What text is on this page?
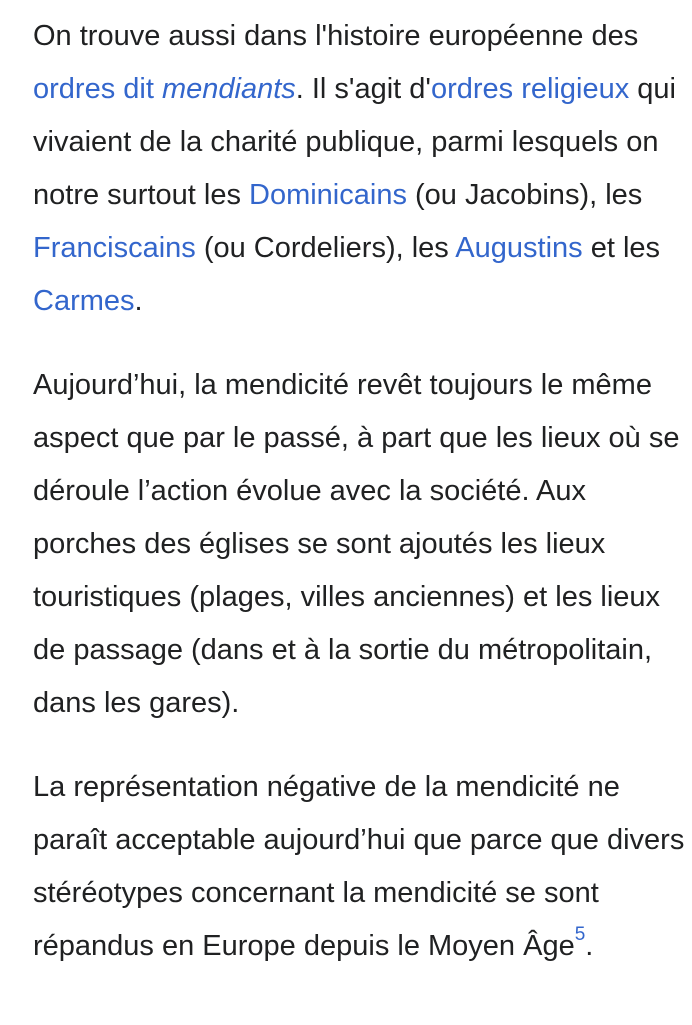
On trouve aussi dans l'histoire européenne des ordres dit mendiants. Il s'agit d'ordres religieux qui vivaient de la charité publique, parmi lesquels on notre surtout les Dominicains (ou Jacobins), les Franciscains (ou Cordeliers), les Augustins et les Carmes.

Aujourd’hui, la mendicité revêt toujours le même aspect que par le passé, à part que les lieux où se déroule l’action évolue avec la société. Aux porches des églises se sont ajoutés les lieux touristiques (plages, villes anciennes) et les lieux de passage (dans et à la sortie du métropolitain, dans les gares).

La représentation négative de la mendicité ne paraît acceptable aujourd’hui que parce que divers stéréotypes concernant la mendicité se sont répandus en Europe depuis le Moyen Âge$^5$.
